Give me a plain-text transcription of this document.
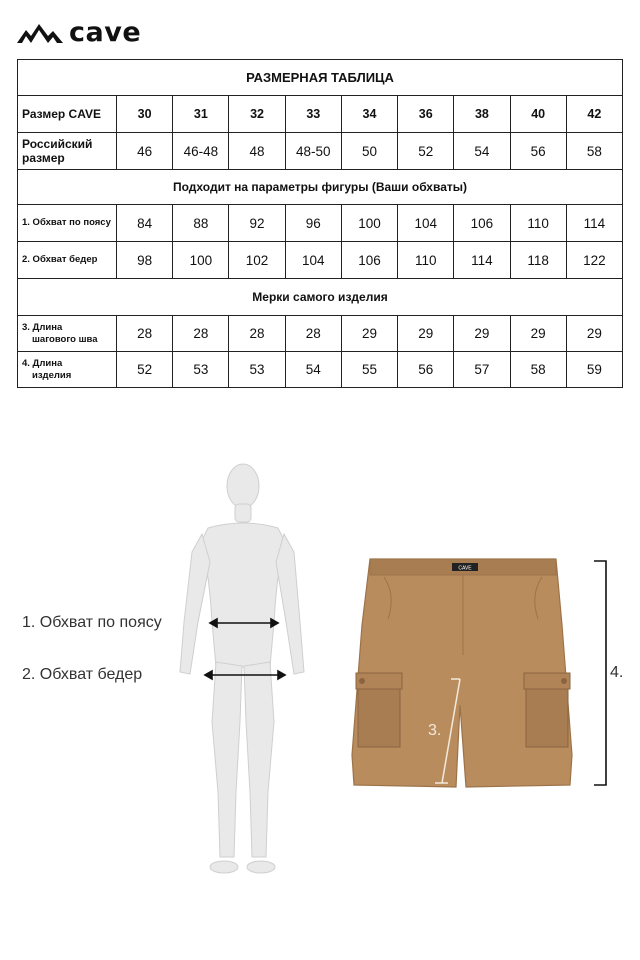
cave
РАЗМЕРНАЯ ТАБЛИЦА									
Размер CAVE	30	31	32	33	34	36	38	40	42
Российский размер	46	46-48	48	48-50	50	52	54	56	58
Подходит на параметры фигуры (Ваши обхваты)									
1. Обхват по поясу	84	88	92	96	100	104	106	110	114
2. Обхват бедер	98	100	102	104	106	110	114	118	122
Мерки самого изделия									
3. Длина
шагового шва	28	28	28	28	29	29	29	29	29
4. Длина
изделия	52	53	53	54	55	56	57	58	59
1. Обхват по поясу
2. Обхват бедер
CAVE
3.
4.
